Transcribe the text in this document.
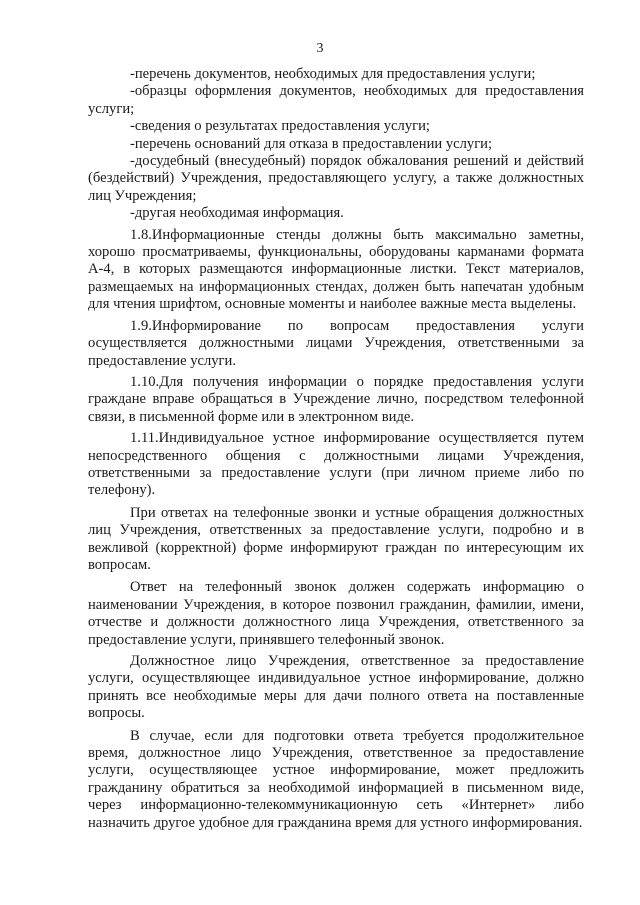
3

-перечень документов, необходимых для предоставления услуги;

-образцы оформления документов, необходимых для предоставления услуги;

-сведения о результатах предоставления услуги;

-перечень оснований для отказа в предоставлении услуги;

-досудебный (внесудебный) порядок обжалования решений и действий (бездействий) Учреждения, предоставляющего услугу, а также должностных лиц Учреждения;

-другая необходимая информация.

1.8.Информационные стенды должны быть максимально заметны, хорошо просматриваемы, функциональны, оборудованы карманами формата А-4, в которых размещаются информационные листки. Текст материалов, размещаемых на информационных стендах, должен быть напечатан удобным для чтения шрифтом, основные моменты и наиболее важные места выделены.

1.9.Информирование по вопросам предоставления услуги осуществляется должностными лицами Учреждения, ответственными за предоставление услуги.

1.10.Для получения информации о порядке предоставления услуги граждане вправе обращаться в Учреждение лично, посредством телефонной связи, в письменной форме или в электронном виде.

1.11.Индивидуальное устное информирование осуществляется путем непосредственного общения с должностными лицами Учреждения, ответственными за предоставление услуги (при личном приеме либо по телефону).

При ответах на телефонные звонки и устные обращения должностных лиц Учреждения, ответственных за предоставление услуги, подробно и в вежливой (корректной) форме информируют граждан по интересующим их вопросам.

Ответ на телефонный звонок должен содержать информацию о наименовании Учреждения, в которое позвонил гражданин, фамилии, имени, отчестве и должности должностного лица Учреждения, ответственного за предоставление услуги, принявшего телефонный звонок.

Должностное лицо Учреждения, ответственное за предоставление услуги, осуществляющее индивидуальное устное информирование, должно принять все необходимые меры для дачи полного ответа на поставленные вопросы.

В случае, если для подготовки ответа требуется продолжительное время, должностное лицо Учреждения, ответственное за предоставление услуги, осуществляющее устное информирование, может предложить гражданину обратиться за необходимой информацией в письменном виде, через информационно-телекоммуникационную сеть «Интернет» либо назначить другое удобное для гражданина время для устного информирования.
